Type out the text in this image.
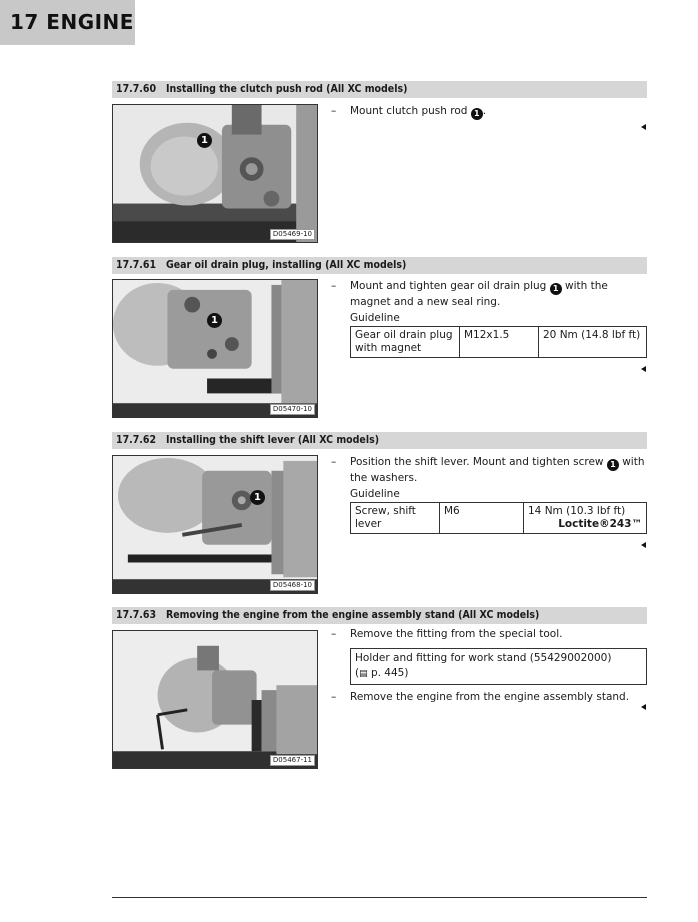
17 ENGINE
17.7.60 Installing the clutch push rod (All XC models)
1
D05469-10

– Mount clutch push rod 1 .

17.7.61 Gear oil drain plug, installing (All XC models)
1
D05470-10

– Mount and tighten gear oil drain plug 1 with the magnet and a new seal ring.

Guideline
Gear oil drain plug with magnet	M12x1.5	20 Nm (14.8 lbf ft)
17.7.62 Installing the shift lever (All XC models)
1
D05468-10

– Position the shift lever. Mount and tighten screw 1 with the washers.

Guideline
Screw, shift lever	M6	14 Nm (10.3 lbf ft)
Loctite®243™
17.7.63 Removing the engine from the engine assembly stand (All XC models)
D05467-11

– Remove the fitting from the special tool.

Holder and fitting for work stand (55429002000)
(▤ p. 445)

– Remove the engine from the engine assembly stand.
